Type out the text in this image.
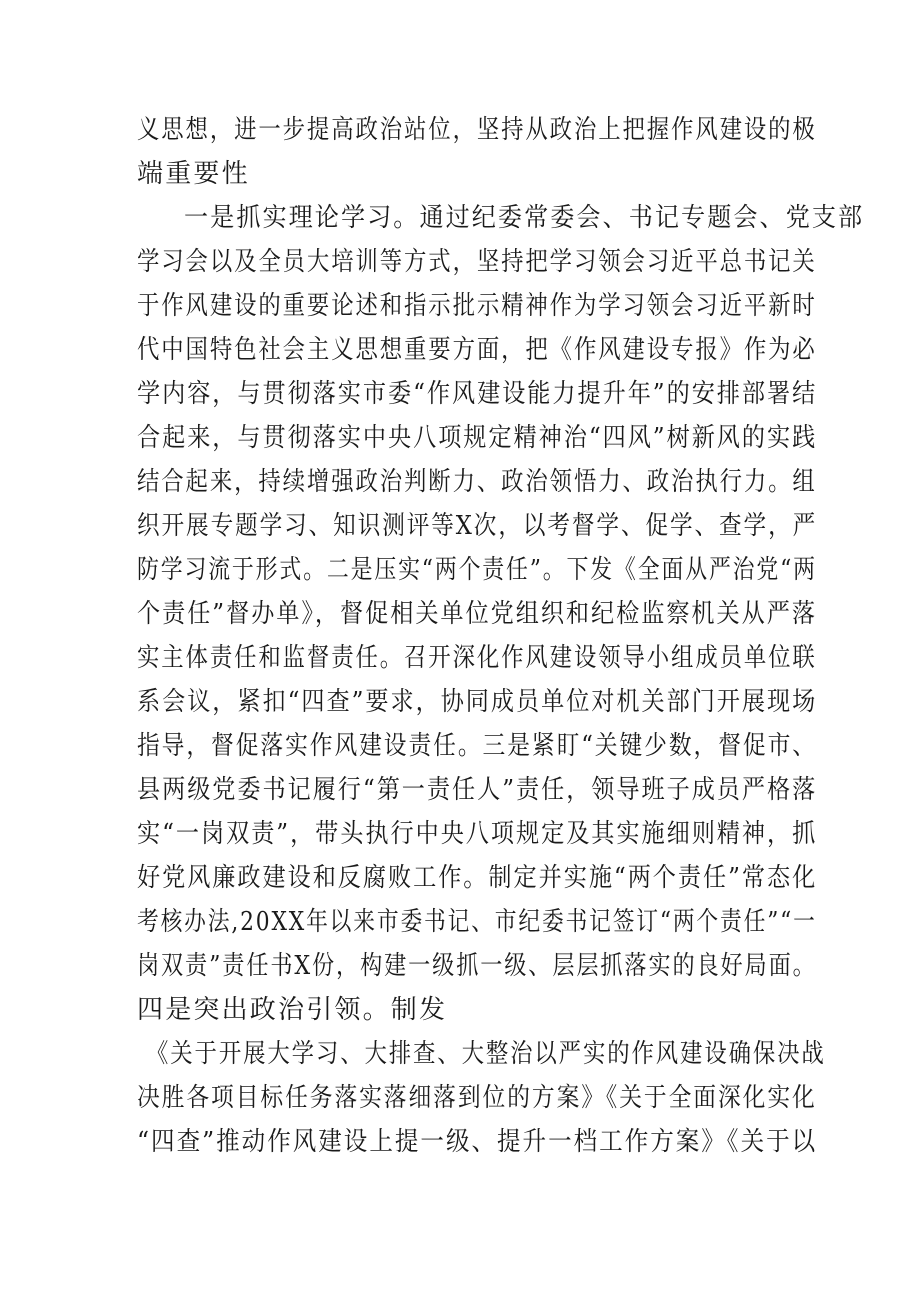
义思想，进一步提高政治站位，坚持从政治上把握作风建设的极
端重要性
一是抓实理论学习。通过纪委常委会、书记专题会、党支部
学习会以及全员大培训等方式，坚持把学习领会习近平总书记关
于作风建设的重要论述和指示批示精神作为学习领会习近平新时
代中国特色社会主义思想重要方面，把《作风建设专报》作为必
学内容，与贯彻落实市委“作风建设能力提升年”的安排部署结
合起来，与贯彻落实中央八项规定精神治“四风”树新风的实践
结合起来，持续增强政治判断力、政治领悟力、政治执行力。组
织开展专题学习、知识测评等X次，以考督学、促学、查学，严
防学习流于形式。二是压实“两个责任”。下发《全面从严治党“两
个责任”督办单》，督促相关单位党组织和纪检监察机关从严落
实主体责任和监督责任。召开深化作风建设领导小组成员单位联
系会议，紧扣“四查”要求，协同成员单位对机关部门开展现场
指导，督促落实作风建设责任。三是紧盯“关键少数，督促市、
县两级党委书记履行“第一责任人”责任，领导班子成员严格落
实“一岗双责”，带头执行中央八项规定及其实施细则精神，抓
好党风廉政建设和反腐败工作。制定并实施“两个责任”常态化
考核办法,20XX年以来市委书记、市纪委书记签订“两个责任”“一
岗双责”责任书X份，构建一级抓一级、层层抓落实的良好局面。
四是突出政治引领。制发
《关于开展大学习、大排查、大整治以严实的作风建设确保决战
决胜各项目标任务落实落细落到位的方案》《关于全面深化实化
“四查”推动作风建设上提一级、提升一档工作方案》《关于以
